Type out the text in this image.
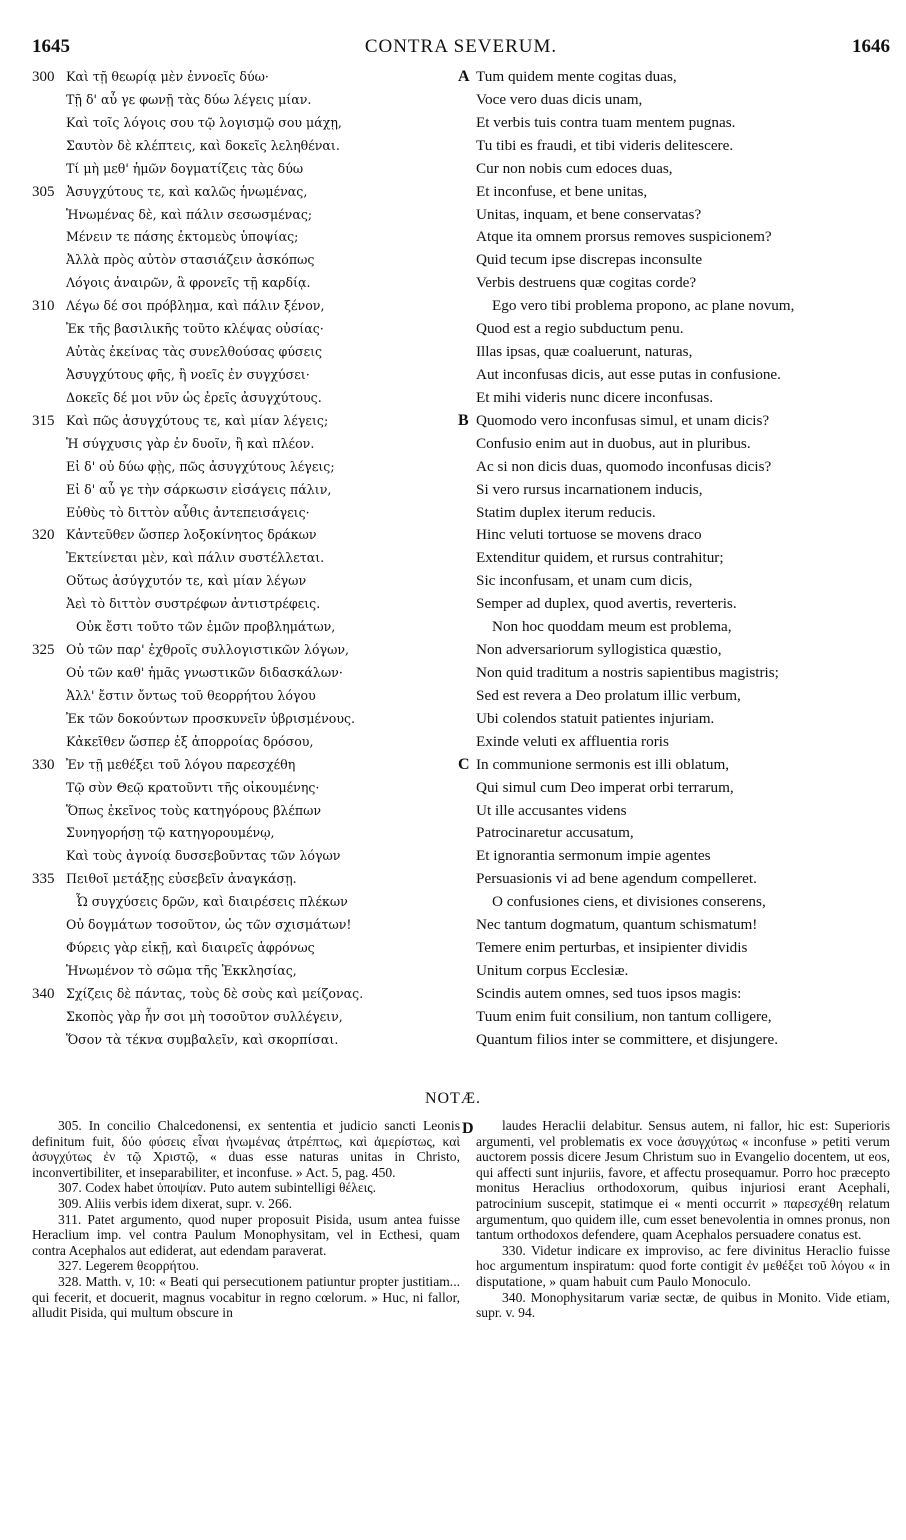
1645	CONTRA SEVERUM.	1646
300 Καὶ τῇ θεωρίᾳ μὲν ἐννοεῖς δύω·
Τῇ δ' αὖ γε φωνῇ τὰς δύω λέγεις μίαν.
Καὶ τοῖς λόγοις σου τῷ λογισμῷ σου μάχῃ,
Σαυτὸν δὲ κλέπτεις, καὶ δοκεῖς λεληθέναι.
Τί μὴ μεθ' ἡμῶν δογματίζεις τὰς δύω
305 Ἀσυγχύτους τε, καὶ καλῶς ἡνωμένας,
Ἡνωμένας δὲ, καὶ πάλιν σεσωσμένας;
Μένειν τε πάσης ἐκτομεὺς ὑποψίας;
Ἀλλὰ πρὸς αὐτὸν στασιάζειν ἀσκόπως
Λόγοις ἀναιρῶν, ἃ φρονεῖς τῇ καρδίᾳ.
310 Λέγω δέ σοι πρόβλημα, καὶ πάλιν ξένον,
Ἐκ τῆς βασιλικῆς τοῦτο κλέψας οὐσίας·
Αὐτὰς ἐκείνας τὰς συνελθούσας φύσεις
Ἀσυγχύτους φῆς, ἢ νοεῖς ἐν συγχύσει·
Δοκεῖς δέ μοι νῦν ὡς ἐρεῖς ἀσυγχύτους.
315 Καὶ πῶς ἀσυγχύτους τε, καὶ μίαν λέγεις;
Ἡ σύγχυσις γὰρ ἐν δυοῖν, ἢ καὶ πλέον.
Εἰ δ' οὐ δύω φῂς, πῶς ἀσυγχύτους λέγεις;
Εἰ δ' αὖ γε τὴν σάρκωσιν εἰσάγεις πάλιν,
Εὐθὺς τὸ διττὸν αὖθις ἀντεπεισάγεις·
320 Κἀντεῦθεν ὥσπερ λοξοκίνητος δράκων
Ἐκτείνεται μὲν, καὶ πάλιν συστέλλεται.
Οὕτως ἀσύγχυτόν τε, καὶ μίαν λέγων
Ἀεὶ τὸ διττὸν συστρέφων ἀντιστρέφεις.
Οὐκ ἔστι τοῦτο τῶν ἐμῶν προβλημάτων,
325 Οὐ τῶν παρ' ἐχθροῖς συλλογιστικῶν λόγων,
Οὐ τῶν καθ' ἡμᾶς γνωστικῶν διδασκάλων·
Ἀλλ' ἔστιν ὄντως τοῦ θεορρήτου λόγου
Ἐκ τῶν δοκούντων προσκυνεῖν ὑβρισμένους.
Κἀκεῖθεν ὥσπερ ἐξ ἀπορροίας δρόσου,
330 Ἐν τῇ μεθέξει τοῦ λόγου παρεσχέθη
Τῷ σὺν Θεῷ κρατοῦντι τῆς οἰκουμένης·
Ὅπως ἐκεῖνος τοὺς κατηγόρους βλέπων
Συνηγορήσῃ τῷ κατηγορουμένῳ,
Καὶ τοὺς ἀγνοίᾳ δυσσεβοῦντας τῶν λόγων
335 Πειθοῖ μετάξῃς εὐσεβεῖν ἀναγκάσῃ.
Ὦ συγχύσεις δρῶν, καὶ διαιρέσεις πλέκων
Οὐ δογμάτων τοσοῦτον, ὡς τῶν σχισμάτων!
Φύρεις γὰρ εἰκῇ, καὶ διαιρεῖς ἀφρόνως
Ἡνωμένον τὸ σῶμα τῆς Ἐκκλησίας,
340 Σχίζεις δὲ πάντας, τοὺς δὲ σοὺς καὶ μείζονας.
Σκοπὸς γὰρ ἦν σοι μὴ τοσοῦτον συλλέγειν,
Ὅσον τὰ τέκνα συμβαλεῖν, καὶ σκορπίσαι.
Tum quidem mente cogitas duas,
Voce vero duas dicis unam,
Et verbis tuis contra tuam mentem pugnas.
Tu tibi es fraudi, et tibi videris delitescere.
Cur non nobis cum edoces duas,
Et inconfuse, et bene unitas,
Unitas, inquam, et bene conservatas?
Atque ita omnem prorsus removes suspicionem?
Quid tecum ipse discrepas inconsulte
Verbis destruens quæ cogitas corde?
Ego vero tibi problema propono, ac plane novum,
Quod est a regio subductum penu.
Illas ipsas, quæ coaluerunt, naturas,
Aut inconfusas dicis, aut esse putas in confusione.
Et mihi videris nunc dicere inconfusas.
Quomodo vero inconfusas simul, et unam dicis?
Confusio enim aut in duobus, aut in pluribus.
Ac si non dicis duas, quomodo inconfusas dicis?
Si vero rursus incarnationem inducis,
Statim duplex iterum reducis.
Hinc veluti tortuose se movens draco
Extenditur quidem, et rursus contrahitur;
Sic inconfusam, et unam cum dicis,
Semper ad duplex, quod avertis, reverteris.
Non hoc quoddam meum est problema,
Non adversariorum syllogistica quæstio,
Non quid traditum a nostris sapientibus magistris;
Sed est revera a Deo prolatum illic verbum,
Ubi colendos statuit patientes injuriam.
Exinde veluti ex affluentia roris
In communione sermonis est illi oblatum,
Qui simul cum Deo imperat orbi terrarum,
Ut ille accusantes videns
Patrocinaretur accusatum,
Et ignorantia sermonum impie agentes
Persuasionis vi ad bene agendum compelleret.
O confusiones ciens, et divisiones conserens,
Nec tantum dogmatum, quantum schismatum!
Temere enim perturbas, et insipienter dividis
Unitum corpus Ecclesiæ.
Scindis autem omnes, sed tuos ipsos magis:
Tuum enim fuit consilium, non tantum colligere,
Quantum filios inter se committere, et disjungere.
A
B
C
NOTÆ.
D

305. In concilio Chalcedonensi, ex sententia et judicio sancti Leonis definitum fuit, δύο φύσεις εἶναι ἡνωμένας ἀτρέπτως, καὶ ἀμερίστως, καὶ ἀσυγχύτως ἐν τῷ Χριστῷ, « duas esse naturas unitas in Christo, inconvertibiliter, et inseparabiliter, et inconfuse. » Act. 5, pag. 450.

307. Codex habet ὑποψίαν. Puto autem subintelligi θέλεις.

309. Aliis verbis idem dixerat, supr. v. 266.

311. Patet argumento, quod nuper proposuit Pisida, usum antea fuisse Heraclium imp. vel contra Paulum Monophysitam, vel in Ecthesi, quam contra Acephalos aut ediderat, aut edendam paraverat.

327. Legerem θεορρήτου.

328. Matth. v, 10: « Beati qui persecutionem patiuntur propter justitiam... qui fecerit, et docuerit, magnus vocabitur in regno cœlorum. » Huc, ni fallor, alludit Pisida, qui multum obscure in

laudes Heraclii delabitur. Sensus autem, ni fallor, hic est: Superioris argumenti, vel problematis ex voce ἀσυγχύτως « inconfuse » petiti verum auctorem possis dicere Jesum Christum suo in Evangelio docentem, ut eos, qui affecti sunt injuriis, favore, et affectu prosequamur. Porro hoc præcepto monitus Heraclius orthodoxorum, quibus injuriosi erant Acephali, patrocinium suscepit, statimque ei « menti occurrit » παρεσχέθη relatum argumentum, quo quidem ille, cum esset benevolentia in omnes pronus, non tantum orthodoxos defendere, quam Acephalos persuadere conatus est.

330. Videtur indicare ex improviso, ac fere divinitus Heraclio fuisse hoc argumentum inspiratum: quod forte contigit ἐν μεθέξει τοῦ λόγου « in disputatione, » quam habuit cum Paulo Monoculo.

340. Monophysitarum variæ sectæ, de quibus in Monito. Vide etiam, supr. v. 94.
